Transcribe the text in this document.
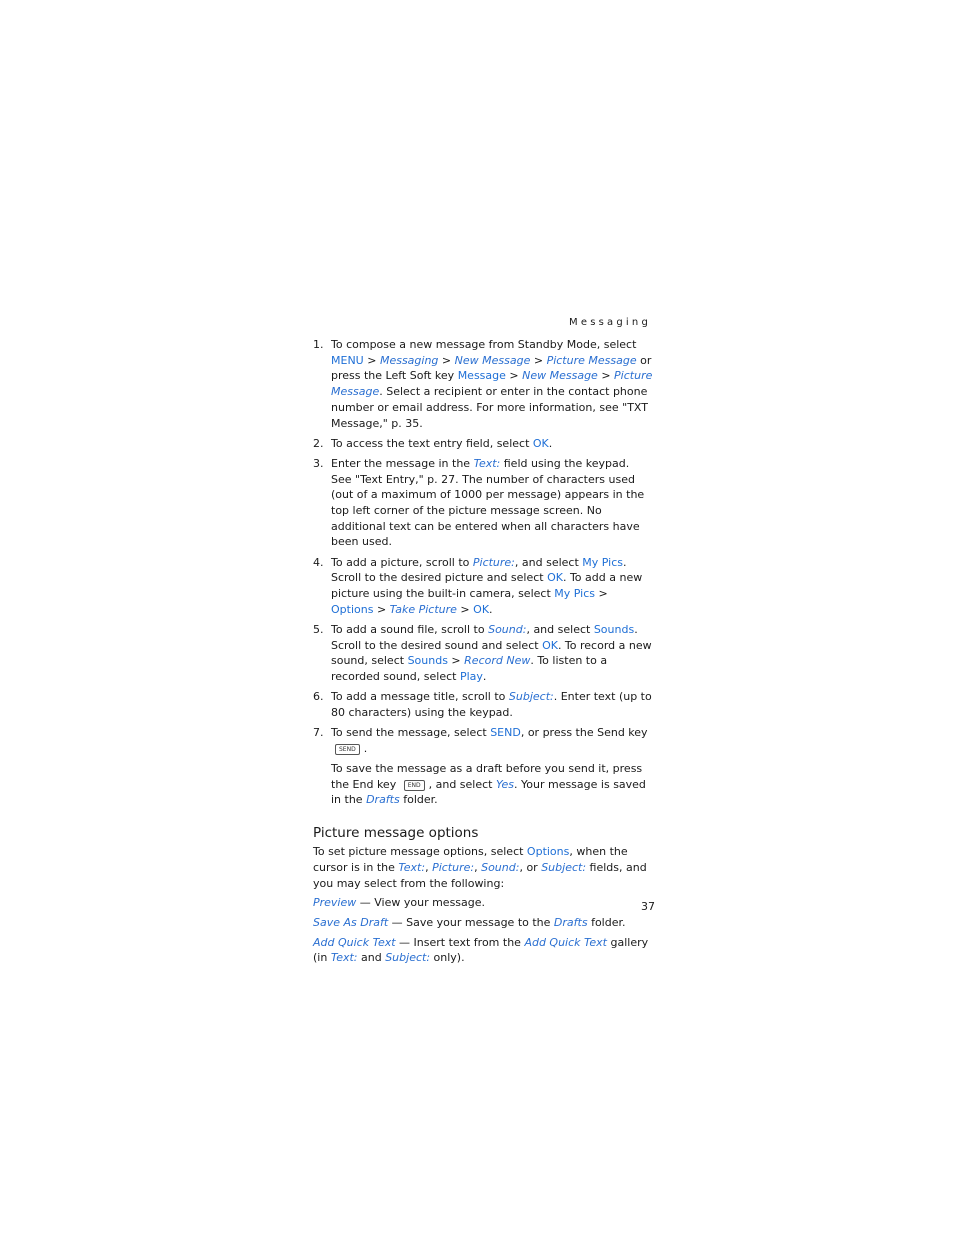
Messaging
1. To compose a new message from Standby Mode, select MENU > Messaging > New Message > Picture Message or press the Left Soft key Message > New Message > Picture Message. Select a recipient or enter in the contact phone number or email address. For more information, see "TXT Message," p. 35.
2. To access the text entry field, select OK.
3. Enter the message in the Text: field using the keypad. See "Text Entry," p. 27. The number of characters used (out of a maximum of 1000 per message) appears in the top left corner of the picture message screen. No additional text can be entered when all characters have been used.
4. To add a picture, scroll to Picture:, and select My Pics. Scroll to the desired picture and select OK. To add a new picture using the built-in camera, select My Pics > Options > Take Picture > OK.
5. To add a sound file, scroll to Sound:, and select Sounds. Scroll to the desired sound and select OK. To record a new sound, select Sounds > Record New. To listen to a recorded sound, select Play.
6. To add a message title, scroll to Subject:. Enter text (up to 80 characters) using the keypad.
7. To send the message, select SEND, or press the Send key SEND .
To save the message as a draft before you send it, press the End key END , and select Yes. Your message is saved in the Drafts folder.
Picture message options

To set picture message options, select Options, when the cursor is in the Text:, Picture:, Sound:, or Subject: fields, and you may select from the following:

Preview — View your message.

Save As Draft — Save your message to the Drafts folder.

Add Quick Text — Insert text from the Add Quick Text gallery (in Text: and Subject: only).

37
